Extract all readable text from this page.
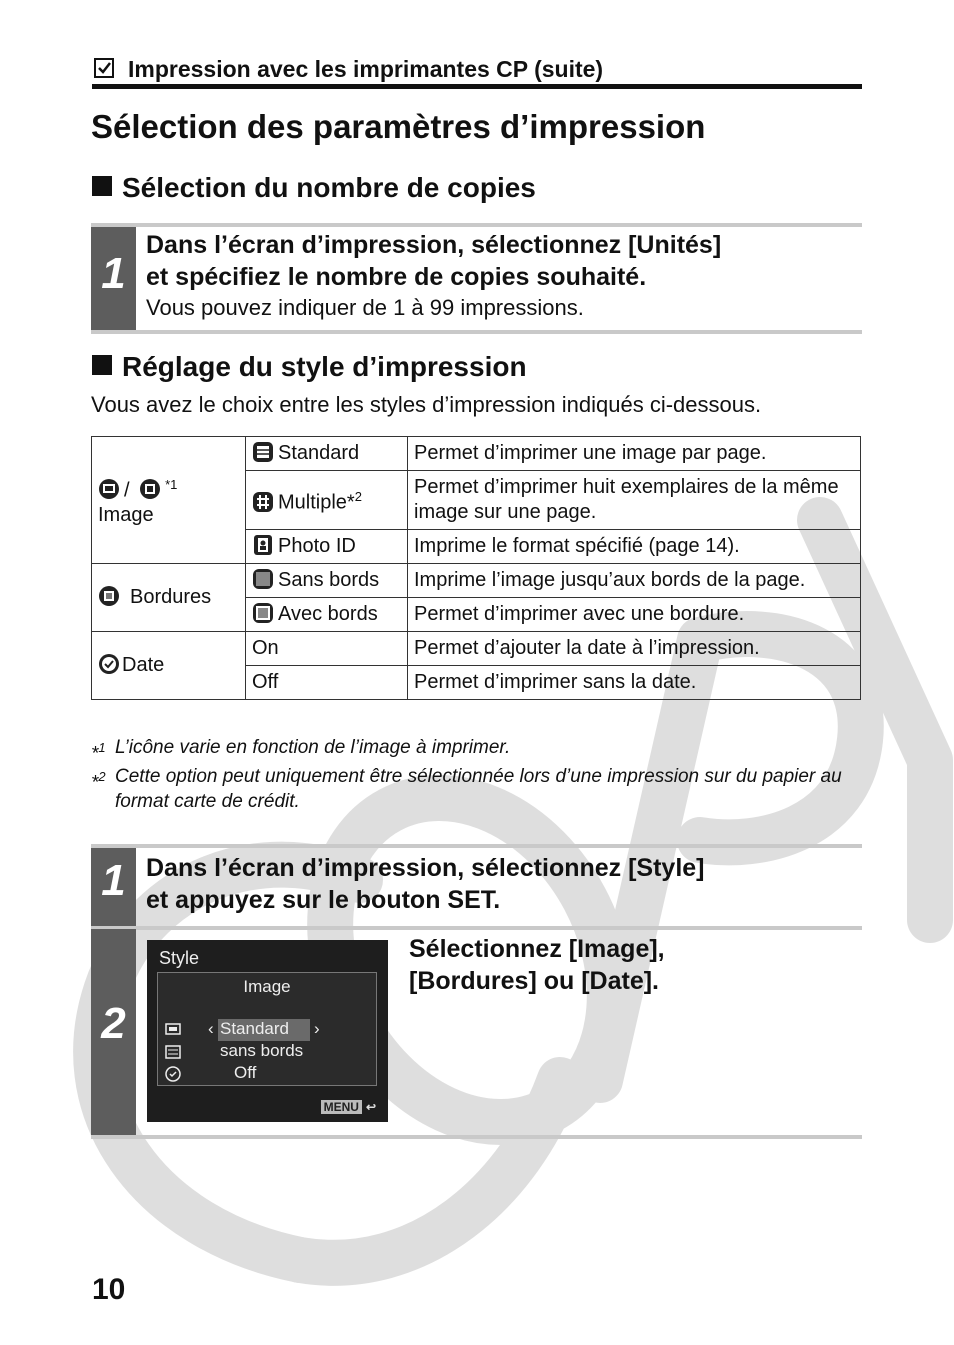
Impression avec les imprimantes CP (suite)
Sélection des paramètres d’impression
Sélection du nombre de copies
1
Dans l’écran d’impression, sélectionnez [Unités]
et spécifiez le nombre de copies souhaité.
Vous pouvez indiquer de 1 à 99 impressions.
Réglage du style d’impression
Vous avez le choix entre les styles d’impression indiqués ci-dessous.
/ $^{*1}$
Image	Standard	Permet d’imprimer une image par page.
	Multiple*$^2$	Permet d’imprimer huit exemplaires de la même image sur une page.
	Photo ID	Imprime le format spécifié (page 14).
Bordures	Sans bords	Imprime l’image jusqu’aux bords de la page.
	Avec bords	Permet d’imprimer avec une bordure.
Date	On	Permet d’ajouter la date à l’impression.
	Off	Permet d’imprimer sans la date.
*$^1$ L’icône varie en fonction de l’image à imprimer.
*$^2$ Cette option peut uniquement être sélectionnée lors d’une impression sur du papier au format carte de crédit.
1 Dans l’écran d’impression, sélectionnez [Style]
et appuyez sur le bouton SET.
2
Sélectionnez [Image],
[Bordures] ou [Date].
Style
Image
‹ Standard ›
sans bords
Off
MENU ↩
10
